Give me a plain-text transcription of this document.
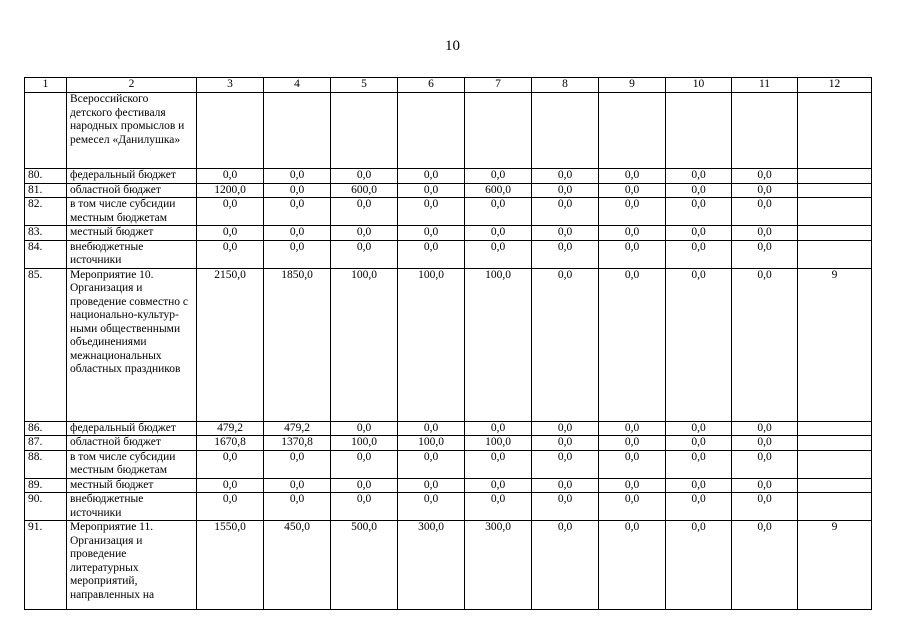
10
1	2	3	4	5	6	7	8	9	10	11	12
	Всероссийского детского фестиваля народных промыслов и ремесел «Данилушка»										
80.	федеральный бюджет	0,0	0,0	0,0	0,0	0,0	0,0	0,0	0,0	0,0	
81.	областной бюджет	1200,0	0,0	600,0	0,0	600,0	0,0	0,0	0,0	0,0	
82.	в том числе субсидии местным бюджетам	0,0	0,0	0,0	0,0	0,0	0,0	0,0	0,0	0,0	
83.	местный бюджет	0,0	0,0	0,0	0,0	0,0	0,0	0,0	0,0	0,0	
84.	внебюджетные источники	0,0	0,0	0,0	0,0	0,0	0,0	0,0	0,0	0,0	
85.	Мероприятие 10. Организация и проведение совместно с национально-культур-ными общественными объединениями межнациональных областных праздников	2150,0	1850,0	100,0	100,0	100,0	0,0	0,0	0,0	0,0	9
86.	федеральный бюджет	479,2	479,2	0,0	0,0	0,0	0,0	0,0	0,0	0,0	
87.	областной бюджет	1670,8	1370,8	100,0	100,0	100,0	0,0	0,0	0,0	0,0	
88.	в том числе субсидии местным бюджетам	0,0	0,0	0,0	0,0	0,0	0,0	0,0	0,0	0,0	
89.	местный бюджет	0,0	0,0	0,0	0,0	0,0	0,0	0,0	0,0	0,0	
90.	внебюджетные источники	0,0	0,0	0,0	0,0	0,0	0,0	0,0	0,0	0,0	
91.	Мероприятие 11. Организация и проведение литературных мероприятий, направленных на	1550,0	450,0	500,0	300,0	300,0	0,0	0,0	0,0	0,0	9
